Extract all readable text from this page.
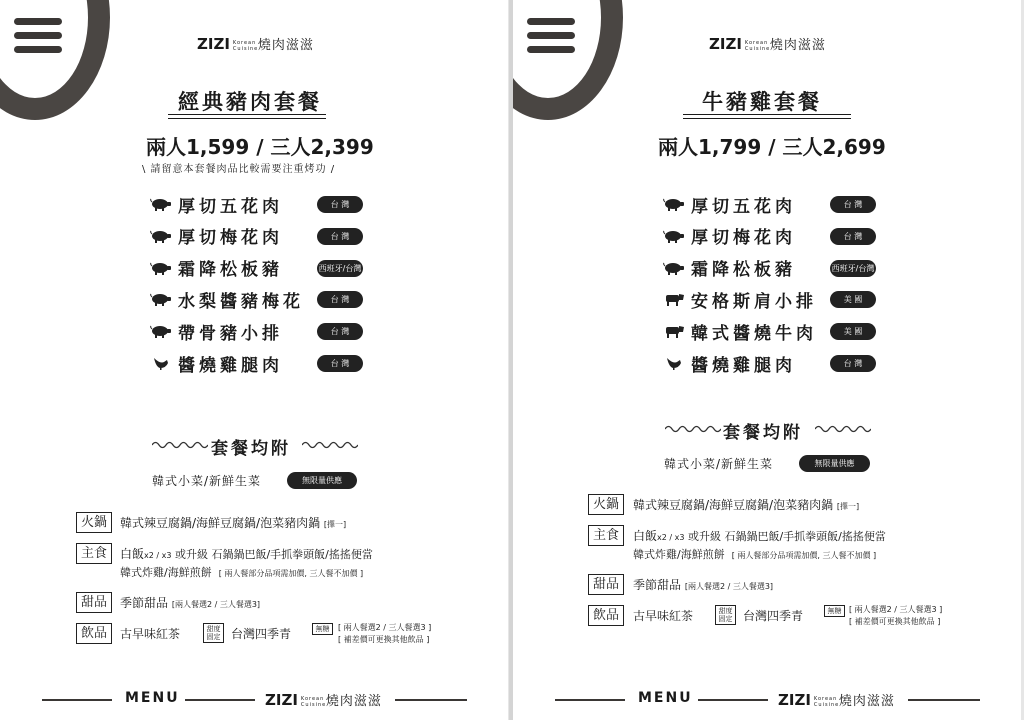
ZIZI Korean Cuisine燒肉滋滋
經典豬肉套餐
兩人1,599 / 三人2,399
\ 請留意本套餐肉品比較需要注重烤功 /
套餐均附
韓式小菜/新鮮生菜	無限量供應
火鍋	韓式辣豆腐鍋/海鮮豆腐鍋/泡菜豬肉鍋 [擇一]
主食	白飯x2 / x3 或升級 石鍋鍋巴飯/手抓拳頭飯/搖搖便當
韓式炸雞/海鮮煎餅 [ 兩人餐部分品項需加價, 三人餐不加價 ]
甜品	季節甜品 [兩人餐選2 / 三人餐選3]
飲品	古早味紅茶	甜度固定 台灣四季青	無糖	[ 兩人餐選2 / 三人餐選3 ]
[ 補差價可更換其他飲品 ]
MENU	ZIZI Korean Cuisine燒肉滋滋
厚切五花肉	台 灣
厚切梅花肉	台 灣
霜降松板豬	西班牙/台灣
水梨醬豬梅花	台 灣
帶骨豬小排	台 灣
醬燒雞腿肉	台 灣
ZIZI Korean Cuisine燒肉滋滋
牛豬雞套餐
兩人1,799 / 三人2,699
套餐均附
韓式小菜/新鮮生菜	無限量供應
火鍋	韓式辣豆腐鍋/海鮮豆腐鍋/泡菜豬肉鍋 [擇一]
主食	白飯x2 / x3 或升級 石鍋鍋巴飯/手抓拳頭飯/搖搖便當
韓式炸雞/海鮮煎餅 [ 兩人餐部分品項需加價, 三人餐不加價 ]
甜品	季節甜品 [兩人餐選2 / 三人餐選3]
飲品	古早味紅茶	甜度固定 台灣四季青	無糖 [ 兩人餐選2 / 三人餐選3 ]
[ 補差價可更換其他飲品 ]
MENU	ZIZI Korean Cuisine燒肉滋滋
厚切五花肉	台 灣
厚切梅花肉	台 灣
霜降松板豬	西班牙/台灣
安格斯肩小排	美 國
韓式醬燒牛肉	美 國
醬燒雞腿肉	台 灣
